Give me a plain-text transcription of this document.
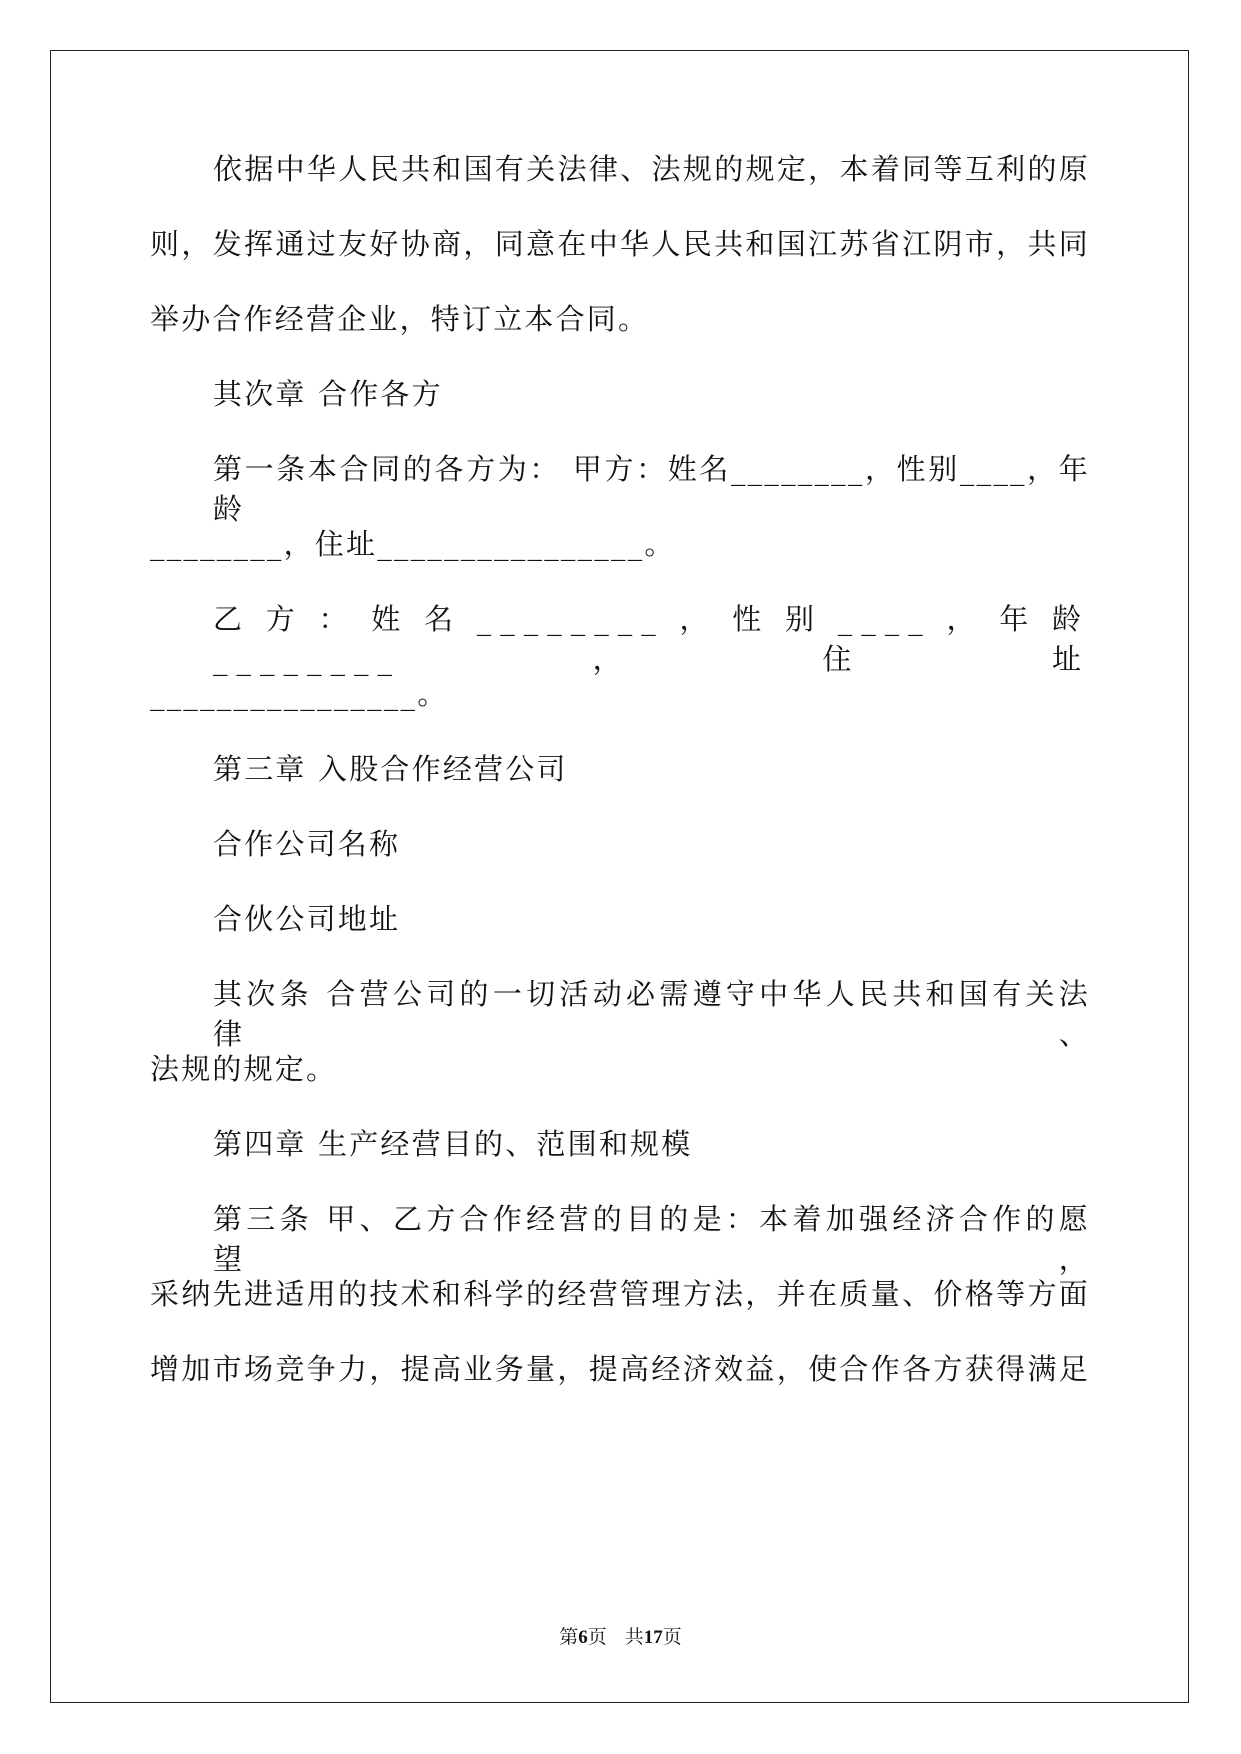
依据中华人民共和国有关法律、法规的规定，本着同等互利的原
则，发挥通过友好协商，同意在中华人民共和国江苏省江阴市，共同
举办合作经营企业，特订立本合同。
其次章 合作各方
第一条本合同的各方为： 甲方：姓名________，性别____，年龄
________，住址________________。
乙方：姓名________，性别____，年龄________，住址
________________。
第三章 入股合作经营公司
合作公司名称
合伙公司地址
其次条 合营公司的一切活动必需遵守中华人民共和国有关法律、
法规的规定。
第四章 生产经营目的、范围和规模
第三条 甲、乙方合作经营的目的是：本着加强经济合作的愿望，
采纳先进适用的技术和科学的经营管理方法，并在质量、价格等方面
增加市场竞争力，提高业务量，提高经济效益，使合作各方获得满足
第6页 共17页
